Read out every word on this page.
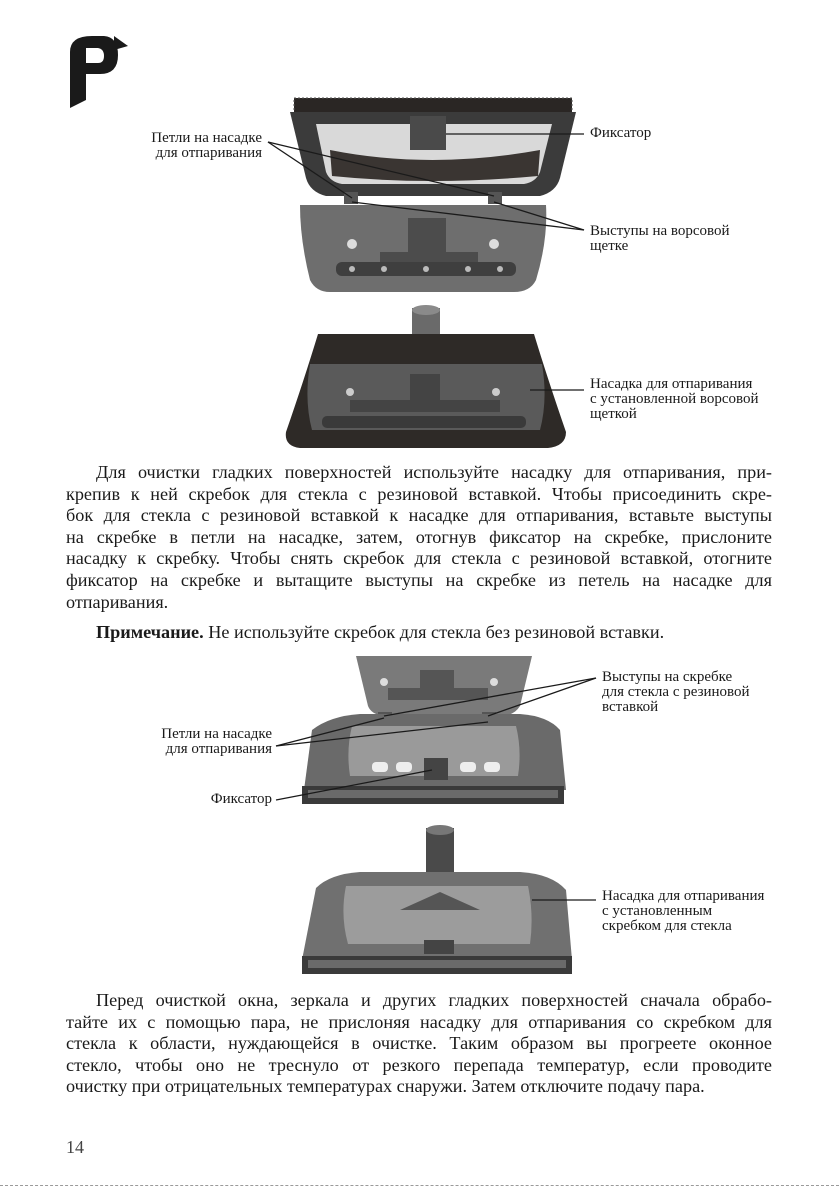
Петли на насадке
для отпаривания
Фиксатор
Выступы на ворсовой
щетке
Насадка для отпаривания
с установленной ворсовой
щеткой
Для очистки гладких поверхностей используйте насадку для отпаривания, при-
крепив к ней скребок для стекла с резиновой вставкой. Чтобы присоединить скре-
бок для стекла с резиновой вставкой к насадке для отпаривания, вставьте выступы
на скребке в петли на насадке, затем, отогнув фиксатор на скребке, прислоните
насадку к скребку. Чтобы снять скребок для стекла с резиновой вставкой, отогните
фиксатор на скребке и вытащите выступы на скребке из петель на насадке для
отпаривания.
Примечание. Не используйте скребок для стекла без резиновой вставки.
Выступы на скребке
для стекла с резиновой
вставкой
Петли на насадке
для отпаривания
Фиксатор
Насадка для отпаривания
с установленным
скребком для стекла
Перед очисткой окна, зеркала и других гладких поверхностей сначала обрабо-
тайте их с помощью пара, не прислоняя насадку для отпаривания со скребком для
стекла к области, нуждающейся в очистке. Таким образом вы прогреете оконное
стекло, чтобы оно не треснуло от резкого перепада температур, если проводите
очистку при отрицательных температурах снаружи. Затем отключите подачу пара.
14
